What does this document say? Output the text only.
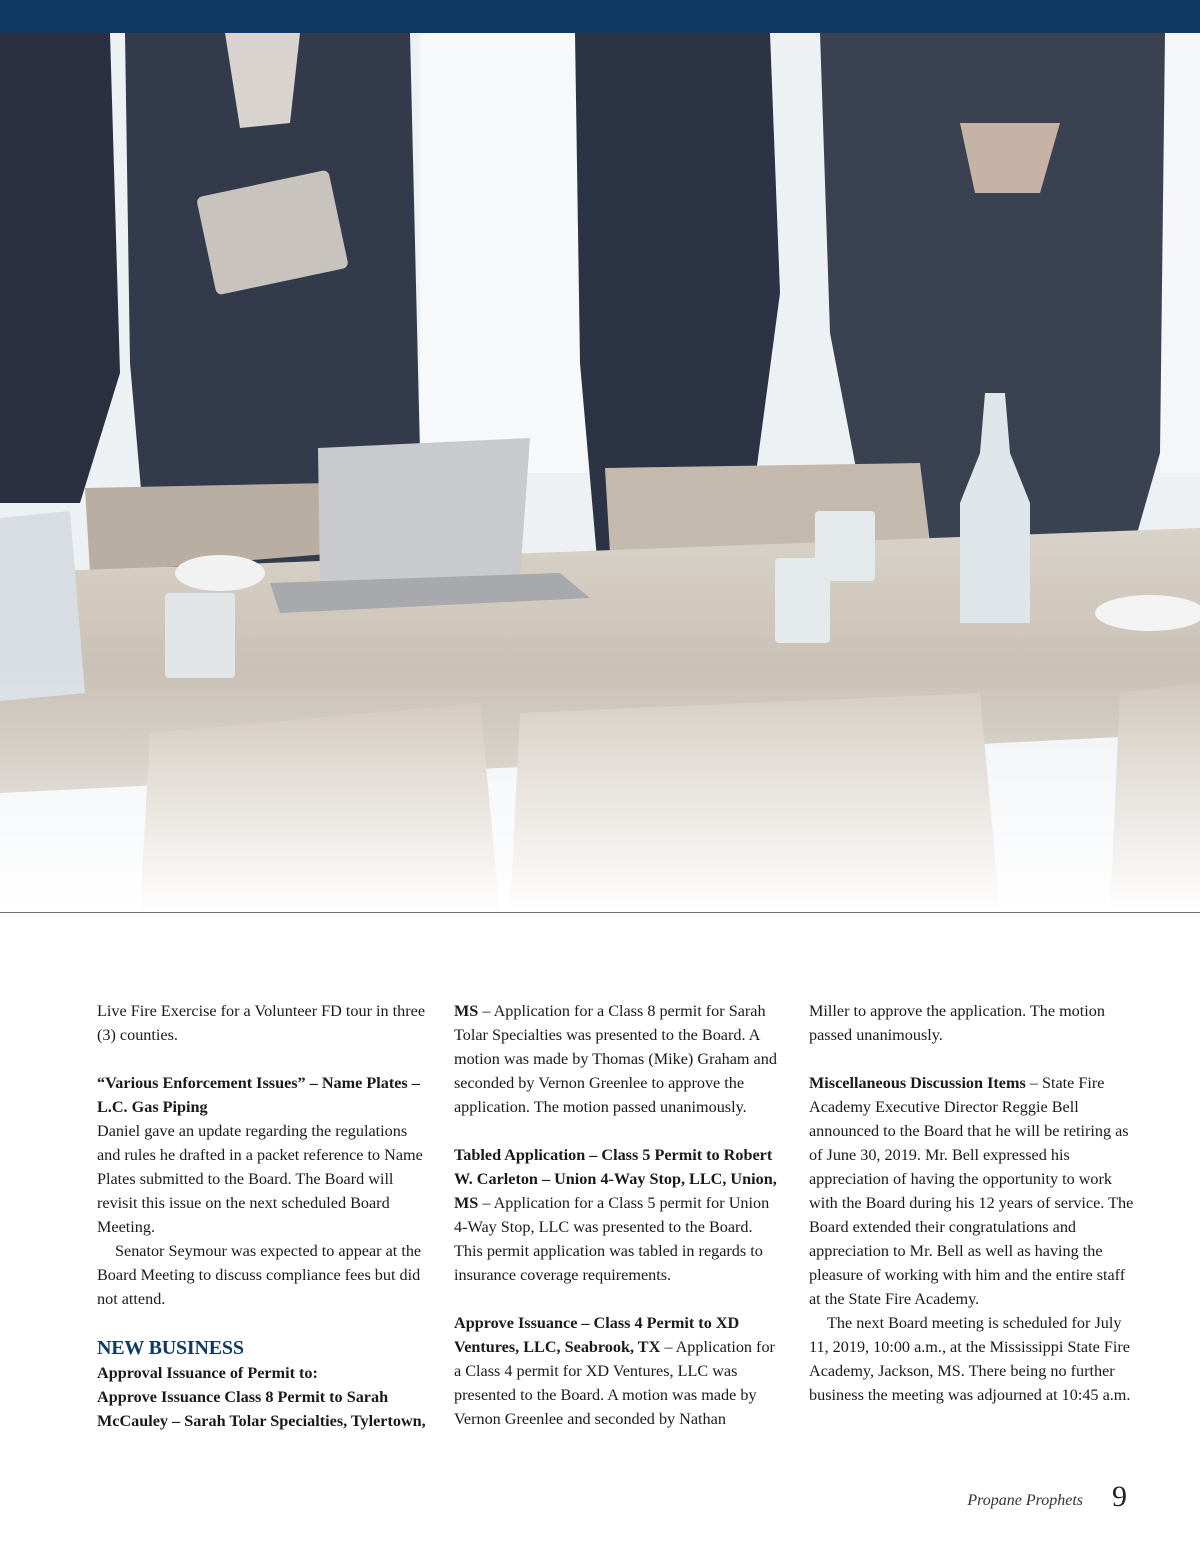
Live Fire Exercise for a Volunteer FD tour in three (3) counties.

“Various Enforcement Issues” – Name Plates – L.C. Gas Piping

Daniel gave an update regarding the regulations and rules he drafted in a packet reference to Name Plates submitted to the Board. The Board will revisit this issue on the next scheduled Board Meeting.

Senator Seymour was expected to appear at the Board Meeting to discuss compliance fees but did not attend.

NEW BUSINESS

Approval Issuance of Permit to:

Approve Issuance Class 8 Permit to Sarah McCauley – Sarah Tolar Specialties, Tylertown,

MS – Application for a Class 8 permit for Sarah Tolar Specialties was presented to the Board. A motion was made by Thomas (Mike) Graham and seconded by Vernon Greenlee to approve the application. The motion passed unanimously.

Tabled Application – Class 5 Permit to Robert W. Carleton – Union 4-Way Stop, LLC, Union, MS – Application for a Class 5 permit for Union 4-Way Stop, LLC was presented to the Board. This permit application was tabled in regards to insurance coverage requirements.

Approve Issuance – Class 4 Permit to XD Ventures, LLC, Seabrook, TX – Application for a Class 4 permit for XD Ventures, LLC was presented to the Board. A motion was made by Vernon Greenlee and seconded by Nathan

Miller to approve the application. The motion passed unanimously.

Miscellaneous Discussion Items – State Fire Academy Executive Director Reggie Bell announced to the Board that he will be retiring as of June 30, 2019. Mr. Bell expressed his appreciation of having the opportunity to work with the Board during his 12 years of service. The Board extended their congratulations and appreciation to Mr. Bell as well as having the pleasure of working with him and the entire staff at the State Fire Academy.

The next Board meeting is scheduled for July 11, 2019, 10:00 a.m., at the Mississippi State Fire Academy, Jackson, MS. There being no further business the meeting was adjourned at 10:45 a.m.

Propane Prophets 9
